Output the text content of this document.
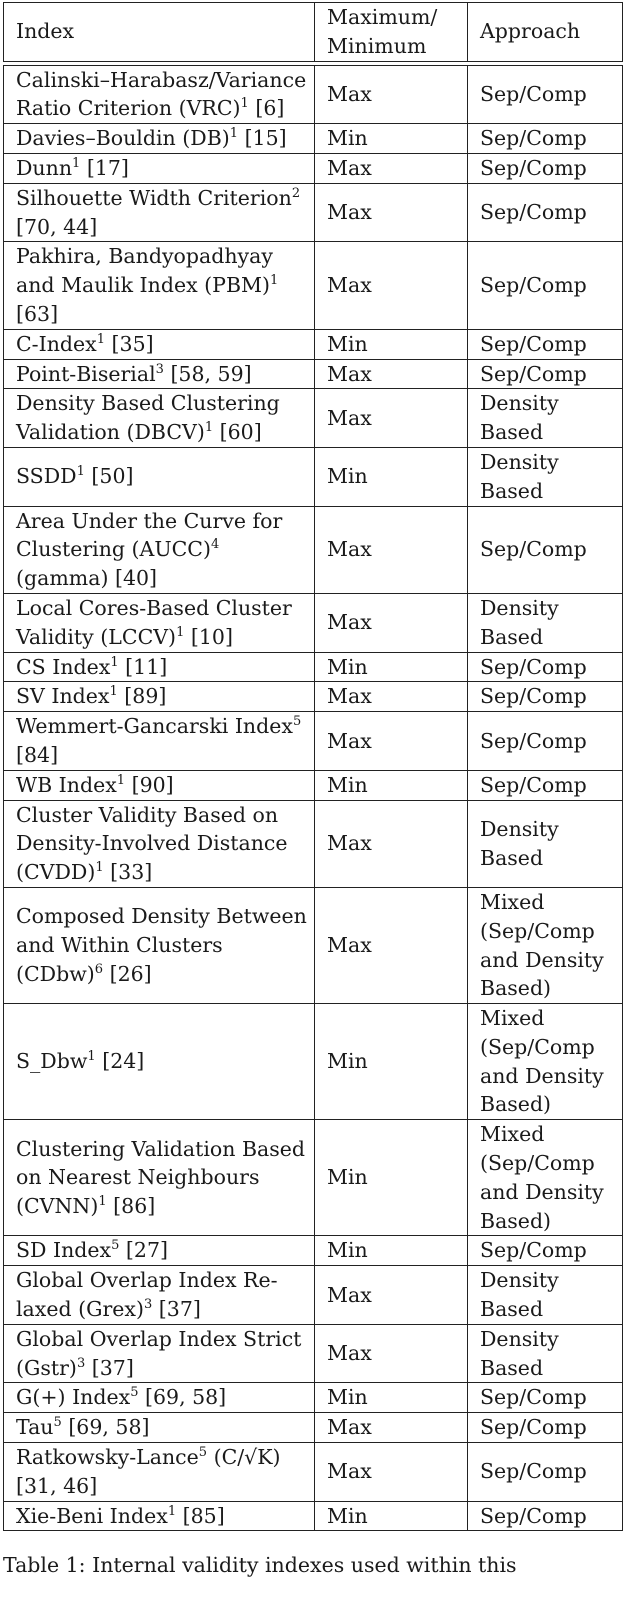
Index	Maximum/ Minimum	Approach

Calinski–Harabasz/Variance Ratio Criterion (VRC)$^1$ [6]	Max	Sep/Comp
Davies–Bouldin (DB)$^1$ [15]	Min	Sep/Comp
Dunn$^1$ [17]	Max	Sep/Comp
Silhouette Width Criterion$^2$ [70, 44]	Max	Sep/Comp
Pakhira, Bandyopadhyay and Maulik Index (PBM)$^1$ [63]	Max	Sep/Comp
C-Index$^1$ [35]	Min	Sep/Comp
Point-Biserial$^3$ [58, 59]	Max	Sep/Comp
Density Based Clustering Validation (DBCV)$^1$ [60]	Max	Density Based
SSDD$^1$ [50]	Min	Density Based
Area Under the Curve for Clustering (AUCC)$^4$ (gamma) [40]	Max	Sep/Comp
Local Cores-Based Cluster Validity (LCCV)$^1$ [10]	Max	Density Based
CS Index$^1$ [11]	Min	Sep/Comp
SV Index$^1$ [89]	Max	Sep/Comp
Wemmert-Gancarski Index$^5$ [84]	Max	Sep/Comp
WB Index$^1$ [90]	Min	Sep/Comp
Cluster Validity Based on Density-Involved Distance (CVDD)$^1$ [33]	Max	Density Based
Composed Density Between and Within Clusters (CDbw)$^6$ [26]	Max	Mixed (Sep/Comp and Density Based)
S_Dbw$^1$ [24]	Min	Mixed (Sep/Comp and Density Based)
Clustering Validation Based on Nearest Neighbours (CVNN)$^1$ [86]	Min	Mixed (Sep/Comp and Density Based)
SD Index$^5$ [27]	Min	Sep/Comp
Global Overlap Index Relaxed (Grex)$^3$ [37]	Max	Density Based
Global Overlap Index Strict (Gstr)$^3$ [37]	Max	Density Based
G(+) Index$^5$ [69, 58]	Min	Sep/Comp
Tau$^5$ [69, 58]	Max	Sep/Comp
Ratkowsky-Lance$^5$ (C/√K) [31, 46]	Max	Sep/Comp
Xie-Beni Index$^1$ [85]	Min	Sep/Comp
Table 1: Internal validity indexes used within this
